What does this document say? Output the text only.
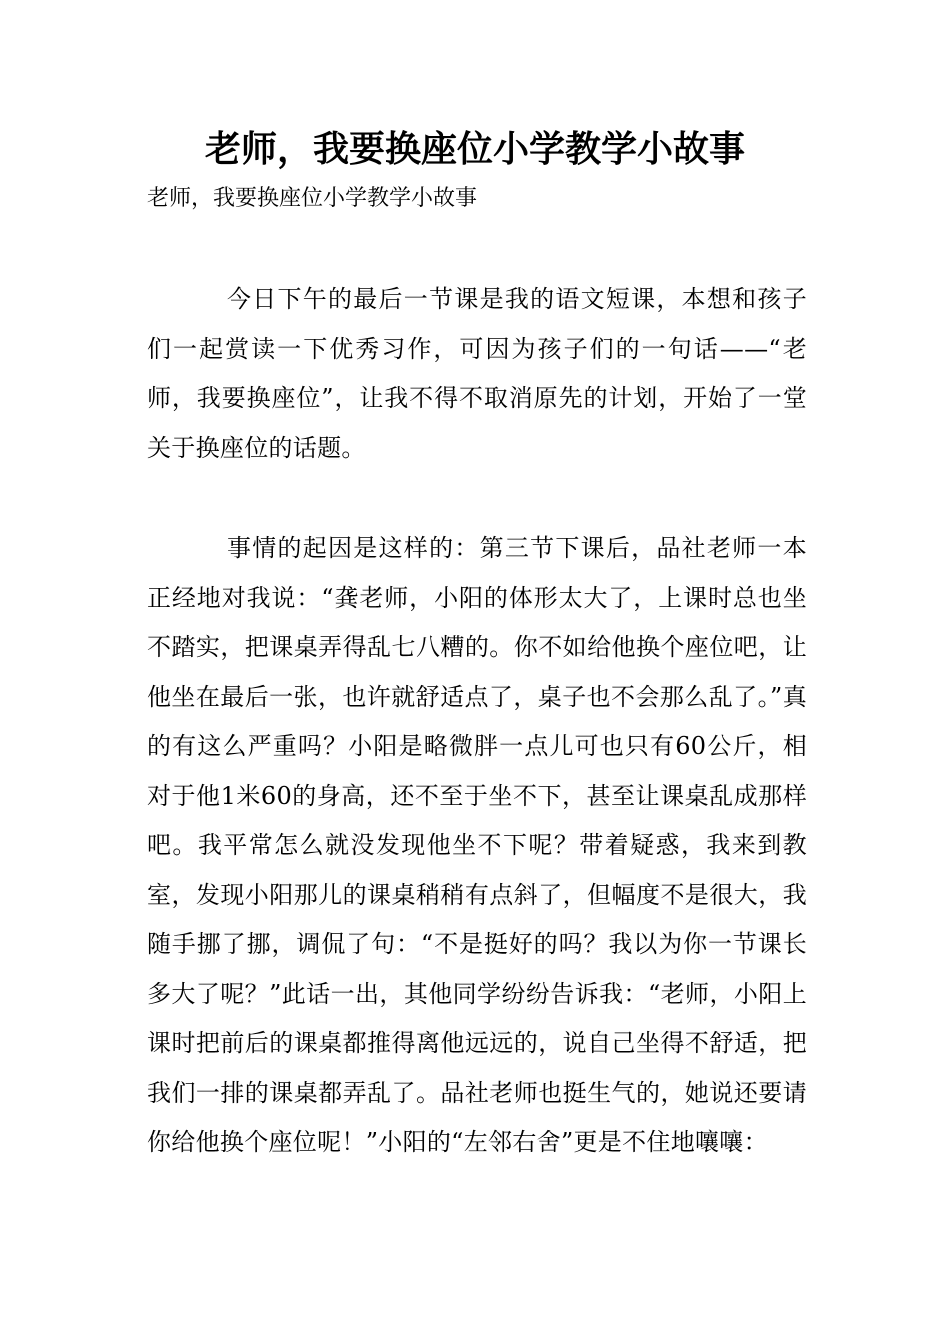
老师，我要换座位小学教学小故事

老师，我要换座位小学教学小故事

今日下午的最后一节课是我的语文短课，本想和孩子们一起赏读一下优秀习作，可因为孩子们的一句话——“老师，我要换座位”，让我不得不取消原先的计划，开始了一堂关于换座位的话题。

事情的起因是这样的：第三节下课后，品社老师一本正经地对我说：“龚老师，小阳的体形太大了，上课时总也坐不踏实，把课桌弄得乱七八糟的。你不如给他换个座位吧，让他坐在最后一张，也许就舒适点了，桌子也不会那么乱了。”真的有这么严重吗？小阳是略微胖一点儿可也只有60公斤，相对于他1米60的身高，还不至于坐不下，甚至让课桌乱成那样吧。我平常怎么就没发现他坐不下呢？带着疑惑，我来到教室，发现小阳那儿的课桌稍稍有点斜了，但幅度不是很大，我随手挪了挪，调侃了句：“不是挺好的吗？我以为你一节课长多大了呢？”此话一出，其他同学纷纷告诉我：“老师，小阳上课时把前后的课桌都推得离他远远的，说自己坐得不舒适，把我们一排的课桌都弄乱了。品社老师也挺生气的，她说还要请你给他换个座位呢！”小阳的“左邻右舍”更是不住地嚷嚷：
